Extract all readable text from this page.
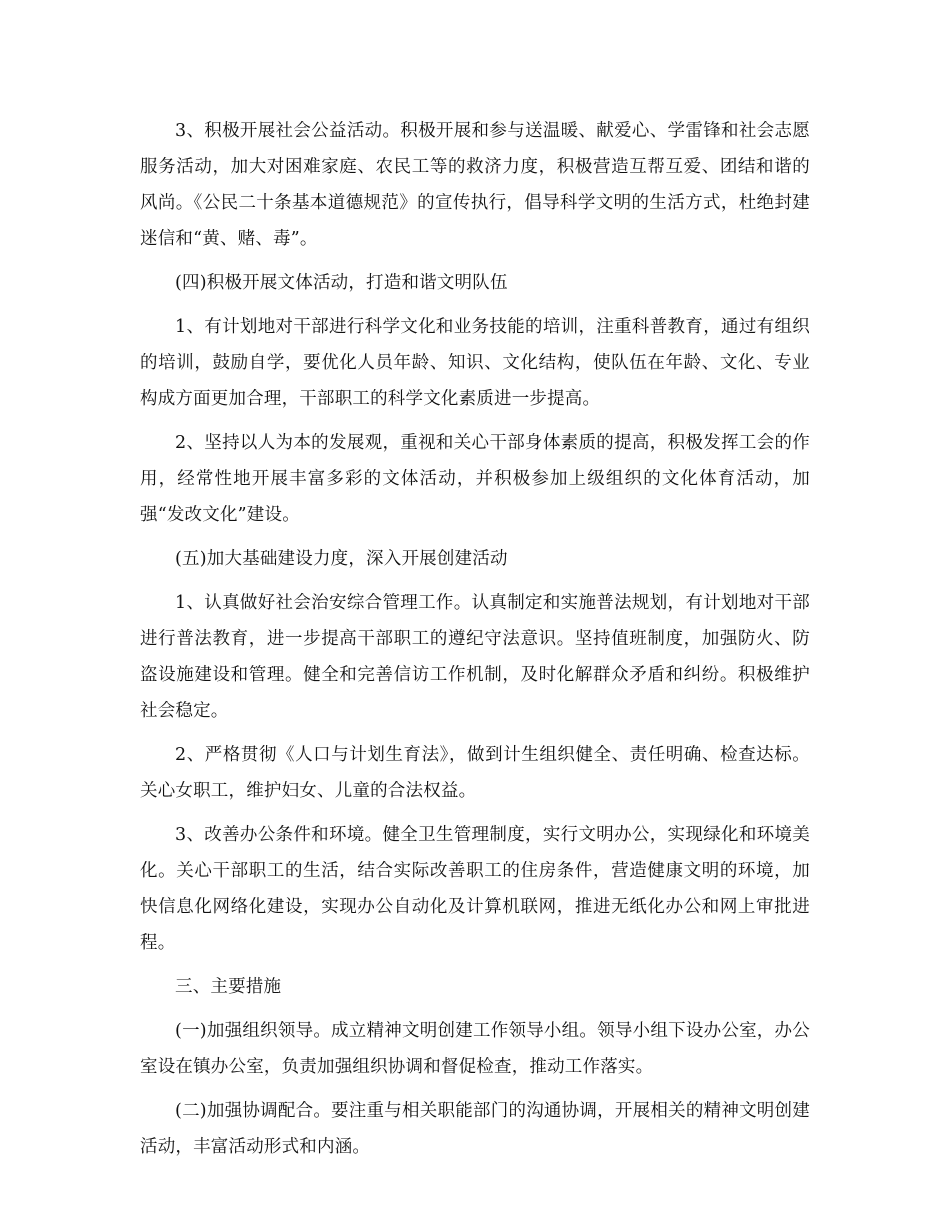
3、积极开展社会公益活动。积极开展和参与送温暖、献爱心、学雷锋和社会志愿服务活动，加大对困难家庭、农民工等的救济力度，积极营造互帮互爱、团结和谐的风尚。《公民二十条基本道德规范》的宣传执行，倡导科学文明的生活方式，杜绝封建迷信和“黄、赌、毒”。

(四)积极开展文体活动，打造和谐文明队伍

1、有计划地对干部进行科学文化和业务技能的培训，注重科普教育，通过有组织的培训，鼓励自学，要优化人员年龄、知识、文化结构，使队伍在年龄、文化、专业构成方面更加合理，干部职工的科学文化素质进一步提高。

2、坚持以人为本的发展观，重视和关心干部身体素质的提高，积极发挥工会的作用，经常性地开展丰富多彩的文体活动，并积极参加上级组织的文化体育活动，加强“发改文化”建设。

(五)加大基础建设力度，深入开展创建活动

1、认真做好社会治安综合管理工作。认真制定和实施普法规划，有计划地对干部进行普法教育，进一步提高干部职工的遵纪守法意识。坚持值班制度，加强防火、防盗设施建设和管理。健全和完善信访工作机制，及时化解群众矛盾和纠纷。积极维护社会稳定。

2、严格贯彻《人口与计划生育法》，做到计生组织健全、责任明确、检查达标。关心女职工，维护妇女、儿童的合法权益。

3、改善办公条件和环境。健全卫生管理制度，实行文明办公，实现绿化和环境美化。关心干部职工的生活，结合实际改善职工的住房条件，营造健康文明的环境，加快信息化网络化建设，实现办公自动化及计算机联网，推进无纸化办公和网上审批进程。

三、主要措施

(一)加强组织领导。成立精神文明创建工作领导小组。领导小组下设办公室，办公室设在镇办公室，负责加强组织协调和督促检查，推动工作落实。

(二)加强协调配合。要注重与相关职能部门的沟通协调，开展相关的精神文明创建活动，丰富活动形式和内涵。
